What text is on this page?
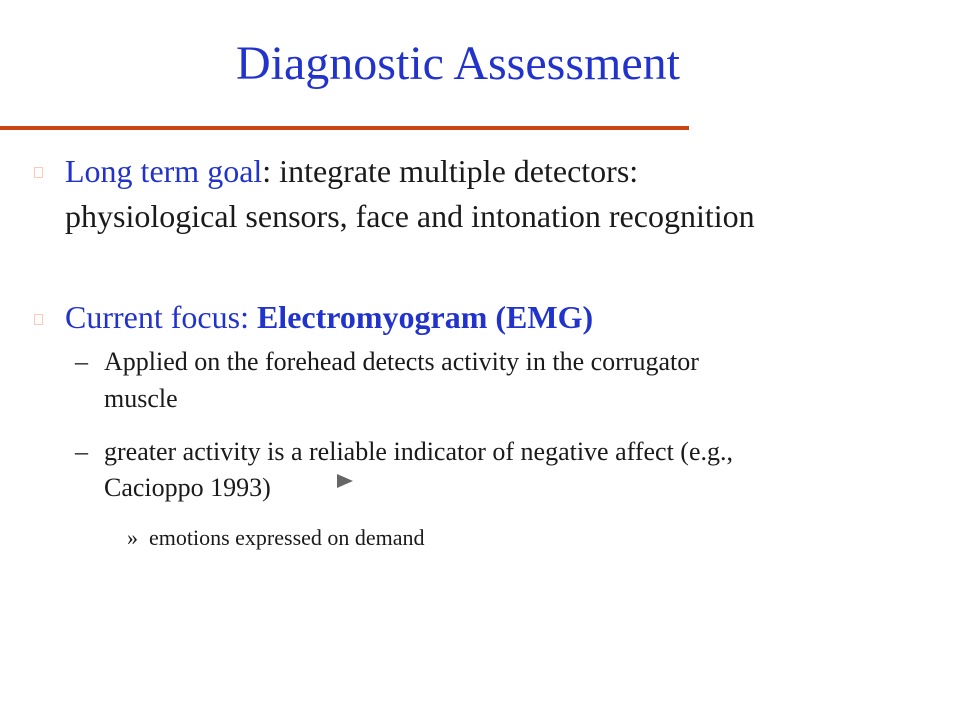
Diagnostic Assessment
Long term goal: integrate multiple detectors:
physiological sensors, face and intonation recognition
Current focus: Electromyogram (EMG)
– Applied on the forehead detects activity in the corrugator
muscle
– greater activity is a reliable indicator of negative affect (e.g.,
Cacioppo 1993)
» emotions expressed on demand
